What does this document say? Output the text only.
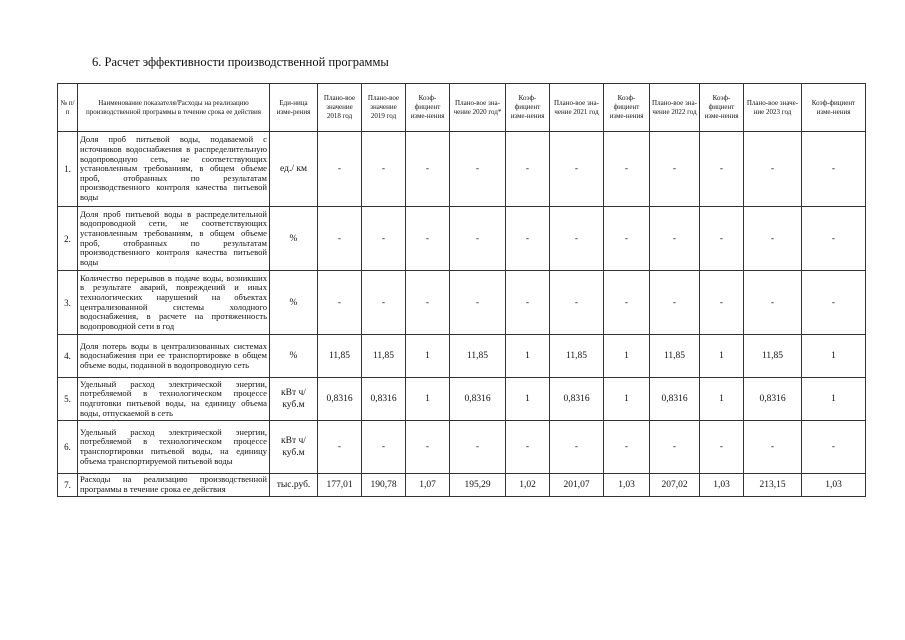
6. Расчет эффективности производственной программы
№ п/п	Наименование показателя/Расходы на реализацию производственной программы в течение срока ее действия	Еди-ница изме-рения	Плано-вое значение 2018 год	Плано-вое значение 2019 год	Коэф-фициент изме-нения	Плано-вое зна-чение 2020 год*	Коэф-фициент изме-нения	Плано-вое зна-чение 2021 год	Коэф-фициент изме-нения	Плано-вое зна-чение 2022 год	Коэф-фициент изме-нения	Плано-вое значе-ние 2023 год	Коэф-фициент изме-нения
1.	Доля проб питьевой воды, подаваемой с источников водоснабжения в распределительную водопроводную сеть, не соответствующих установленным требованиям, в общем объеме проб, отобранных по результатам производственного контроля качества питьевой воды	ед./ км	-	-	-	-	-	-	-	-	-	-	-
2.	Доля проб питьевой воды в распределительной водопроводной сети, не соответствующих установленным требованиям, в общем объеме проб, отобранных по результатам производственного контроля качества питьевой воды	%	-	-	-	-	-	-	-	-	-	-	-
3.	Количество перерывов в подаче воды, возникших в результате аварий, повреждений и иных технологических нарушений на объектах централизованной системы холодного водоснабжения, в расчете на протяженность водопроводной сети в год	%	-	-	-	-	-	-	-	-	-	-	-
4.	Доля потерь воды в централизованных системах водоснабжения при ее транспортировке в общем объеме воды, поданной в водопроводную сеть	%	11,85	11,85	1	11,85	1	11,85	1	11,85	1	11,85	1
5.	Удельный расход электрической энергии, потребляемой в технологическом процессе подготовки питьевой воды, на единицу объема воды, отпускаемой в сеть	кВт ч/куб.м	0,8316	0,8316	1	0,8316	1	0,8316	1	0,8316	1	0,8316	1
6.	Удельный расход электрической энергии, потребляемой в технологическом процессе транспортировки питьевой воды, на единицу объема транспортируемой питьевой воды	кВт ч/куб.м	-	-	-	-	-	-	-	-	-	-	-
7.	Расходы на реализацию производственной программы в течение срока ее действия	тыс.руб.	177,01	190,78	1,07	195,29	1,02	201,07	1,03	207,02	1,03	213,15	1,03
